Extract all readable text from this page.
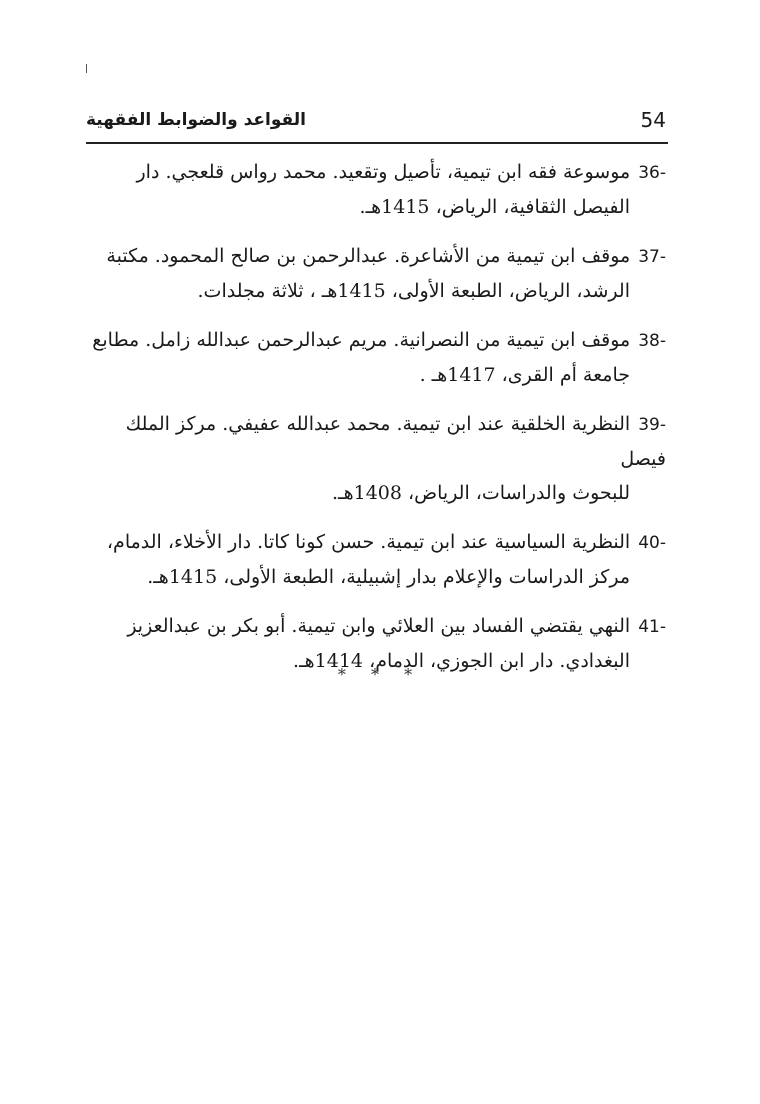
القواعد والضوابط الفقهية	54
36-موسوعة فقه ابن تيمية، تأصيل وتقعيد. محمد رواس قلعجي. دار
الفيصل الثقافية، الرياض، 1415هـ.
37-موقف ابن تيمية من الأشاعرة. عبدالرحمن بن صالح المحمود. مكتبة
الرشد، الرياض، الطبعة الأولى، 1415هـ ، ثلاثة مجلدات.
38-موقف ابن تيمية من النصرانية. مريم عبدالرحمن عبدالله زامل. مطابع
جامعة أم القرى، 1417هـ .
39-النظرية الخلقية عند ابن تيمية. محمد عبدالله عفيفي. مركز الملك فيصل
للبحوث والدراسات، الرياض، 1408هـ.
40-النظرية السياسية عند ابن تيمية. حسن كونا كاتا. دار الأخلاء، الدمام،
مركز الدراسات والإعلام بدار إشبيلية، الطبعة الأولى، 1415هـ.
41-النهي يقتضي الفساد بين العلائي وابن تيمية. أبو بكر بن عبدالعزيز
البغدادي. دار ابن الجوزي، الدمام، 1414هـ.
* * *
